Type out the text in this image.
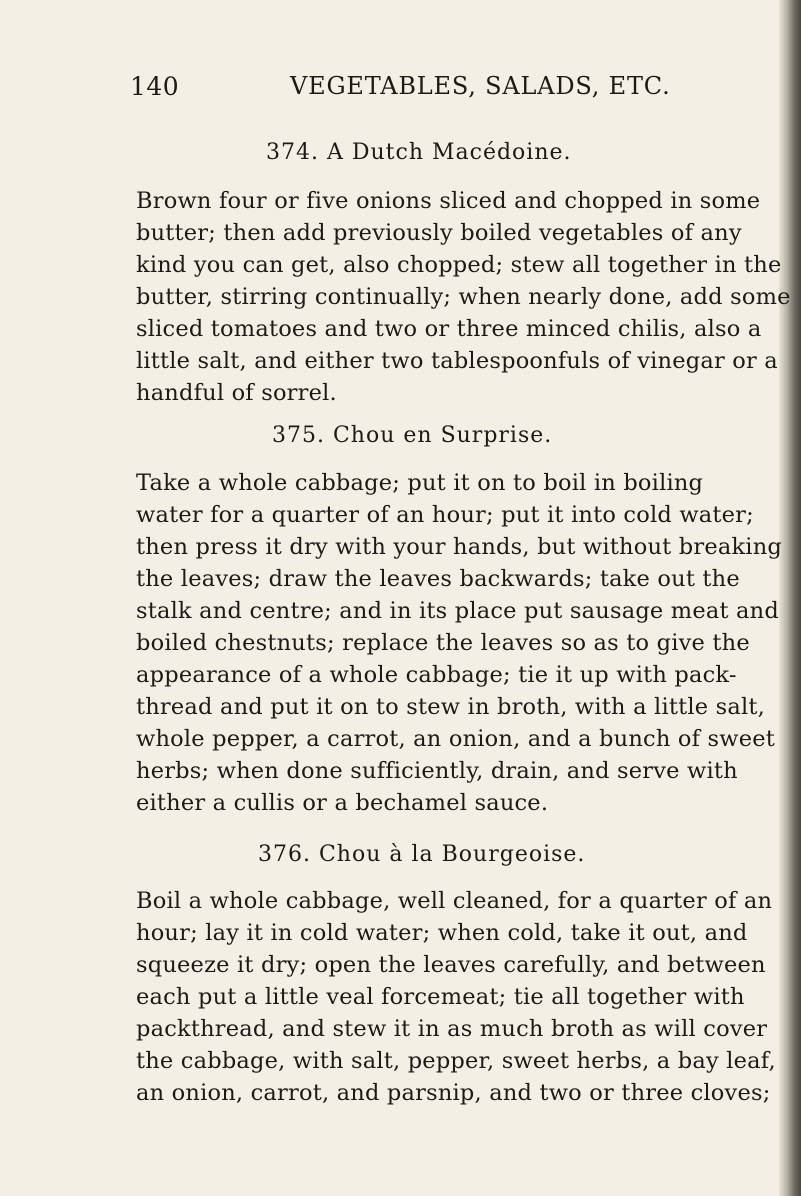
140	VEGETABLES, SALADS, ETC.
374. A Dutch Macédoine.
Brown four or five onions sliced and chopped in some
butter; then add previously boiled vegetables of any
kind you can get, also chopped; stew all together in the
butter, stirring continually; when nearly done, add some
sliced tomatoes and two or three minced chilis, also a
little salt, and either two tablespoonfuls of vinegar or a
handful of sorrel.
375. Chou en Surprise.
Take a whole cabbage; put it on to boil in boiling
water for a quarter of an hour; put it into cold water;
then press it dry with your hands, but without breaking
the leaves; draw the leaves backwards; take out the
stalk and centre; and in its place put sausage meat and
boiled chestnuts; replace the leaves so as to give the
appearance of a whole cabbage; tie it up with pack-
thread and put it on to stew in broth, with a little salt,
whole pepper, a carrot, an onion, and a bunch of sweet
herbs; when done sufficiently, drain, and serve with
either a cullis or a bechamel sauce.
376. Chou à la Bourgeoise.
Boil a whole cabbage, well cleaned, for a quarter of an
hour; lay it in cold water; when cold, take it out, and
squeeze it dry; open the leaves carefully, and between
each put a little veal forcemeat; tie all together with
packthread, and stew it in as much broth as will cover
the cabbage, with salt, pepper, sweet herbs, a bay leaf,
an onion, carrot, and parsnip, and two or three cloves;
